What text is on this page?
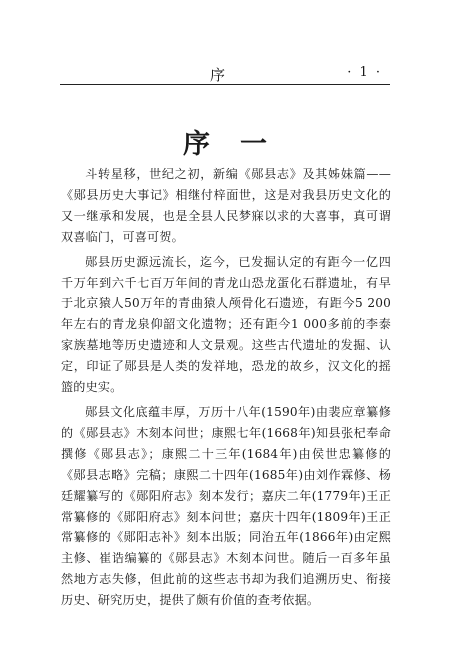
序	· 1 ·
序一

斗转星移，世纪之初，新编《郧县志》及其姊妹篇——《郧县历史大事记》相继付梓面世，这是对我县历史文化的又一继承和发展，也是全县人民梦寐以求的大喜事，真可谓双喜临门，可喜可贺。

郧县历史源远流长，迄今，已发掘认定的有距今一亿四千万年到六千七百万年间的青龙山恐龙蛋化石群遗址，有早于北京猿人50万年的青曲猿人颅骨化石遗迹，有距今5 200年左右的青龙泉仰韶文化遗物；还有距今1 000多前的李泰家族墓地等历史遗迹和人文景观。这些古代遗址的发掘、认定，印证了郧县是人类的发祥地，恐龙的故乡，汉文化的摇篮的史实。

郧县文化底蕴丰厚，万历十八年(1590年)由裴应章纂修的《郧县志》木刻本问世；康熙七年(1668年)知县张杞奉命撰修《郧县志》；康熙二十三年(1684年)由侯世忠纂修的《郧县志略》完稿；康熙二十四年(1685年)由刘作霖修、杨廷耀纂写的《郧阳府志》刻本发行；嘉庆二年(1779年)王正常纂修的《郧阳府志》刻本问世；嘉庆十四年(1809年)王正常纂修的《郧阳志补》刻本出版；同治五年(1866年)由定熙主修、崔诰编纂的《郧县志》木刻本问世。随后一百多年虽然地方志失修，但此前的这些志书却为我们追溯历史、衔接历史、研究历史，提供了颇有价值的查考依据。
